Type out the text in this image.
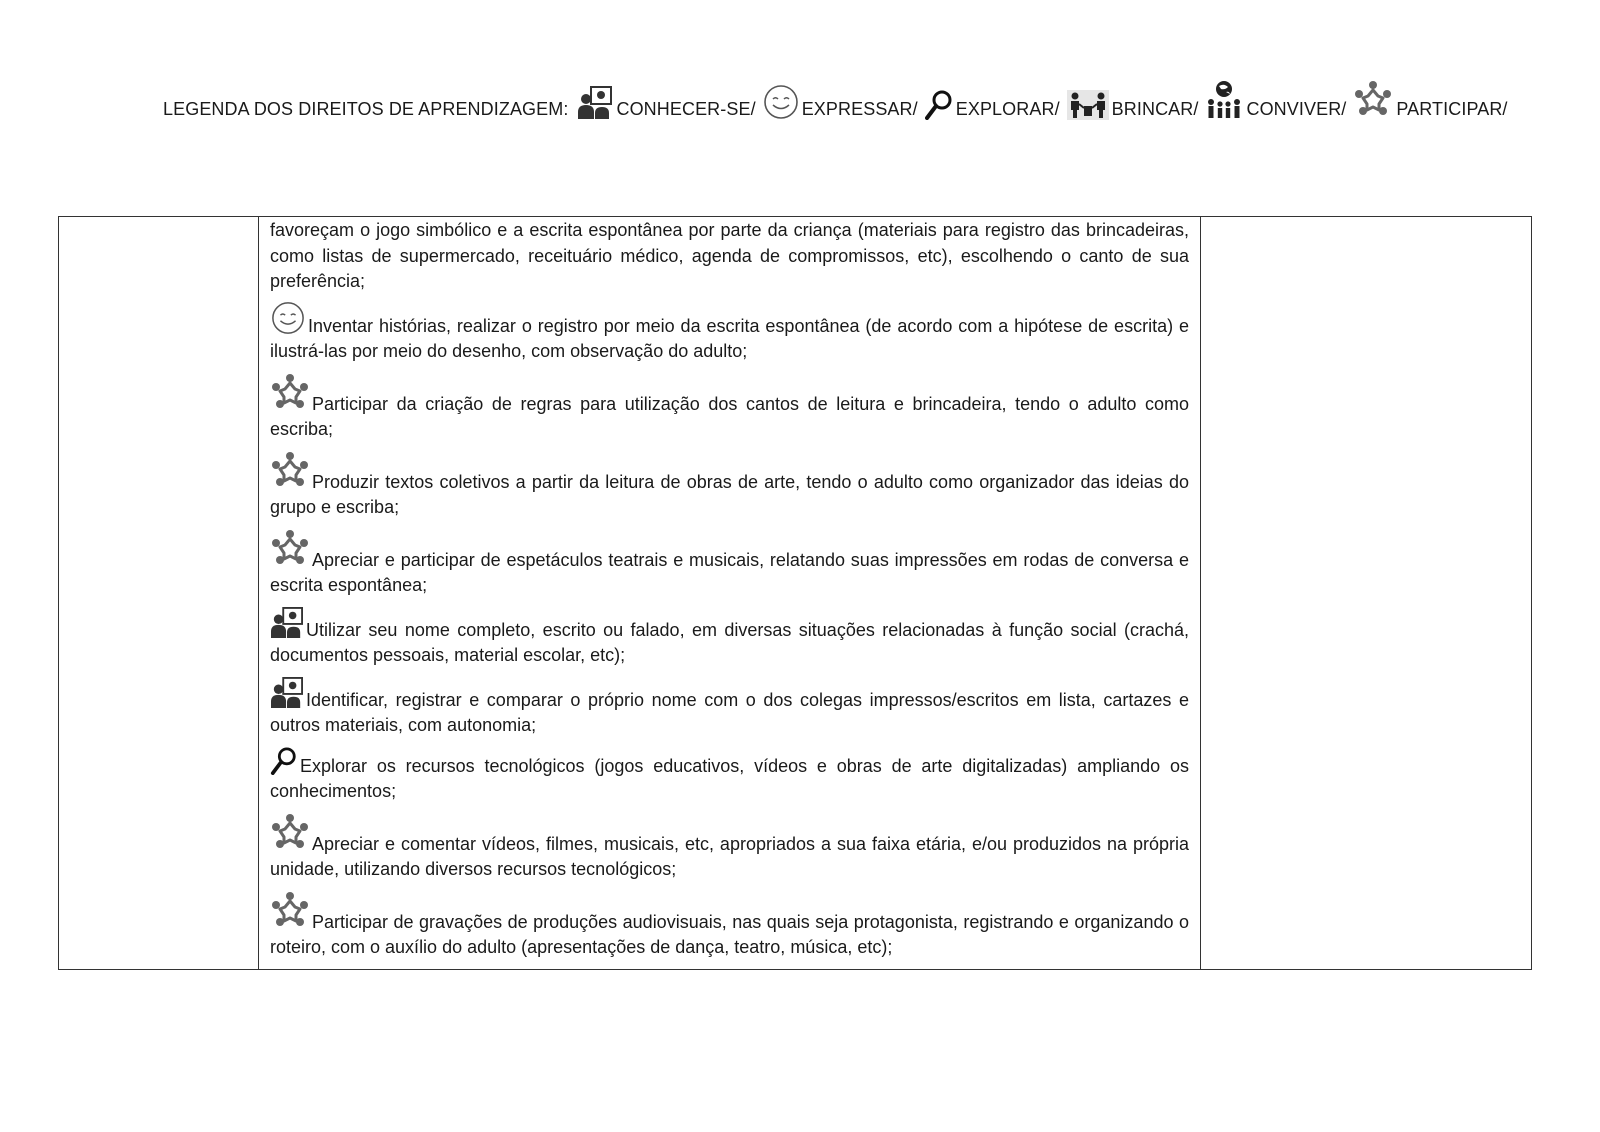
LEGENDA DOS DIREITOS DE APRENDIZAGEM:	CONHECER-SE/	EXPRESSAR/ EXPLORAR/	BRINCAR/	CONVIVER/	PARTICIPAR/

favoreçam o jogo simbólico e a escrita espontânea por parte da criança (materiais para registro das brincadeiras, como listas de supermercado, receituário médico, agenda de compromissos, etc), escolhendo o canto de sua preferência;

Inventar histórias, realizar o registro por meio da escrita espontânea (de acordo com a hipótese de escrita) e ilustrá-las por meio do desenho, com observação do adulto;

Participar da criação de regras para utilização dos cantos de leitura e brincadeira, tendo o adulto como escriba;

Produzir textos coletivos a partir da leitura de obras de arte, tendo o adulto como organizador das ideias do grupo e escriba;

Apreciar e participar de espetáculos teatrais e musicais, relatando suas impressões em rodas de conversa e escrita espontânea;

Utilizar seu nome completo, escrito ou falado, em diversas situações relacionadas à função social (crachá, documentos pessoais, material escolar, etc);

Identificar, registrar e comparar o próprio nome com o dos colegas impressos/escritos em lista, cartazes e outros materiais, com autonomia;

Explorar os recursos tecnológicos (jogos educativos, vídeos e obras de arte digitalizadas) ampliando os conhecimentos;

Apreciar e comentar vídeos, filmes, musicais, etc, apropriados a sua faixa etária, e/ou produzidos na própria unidade, utilizando diversos recursos tecnológicos;

Participar de gravações de produções audiovisuais, nas quais seja protagonista, registrando e organizando o roteiro, com o auxílio do adulto (apresentações de dança, teatro, música, etc);
